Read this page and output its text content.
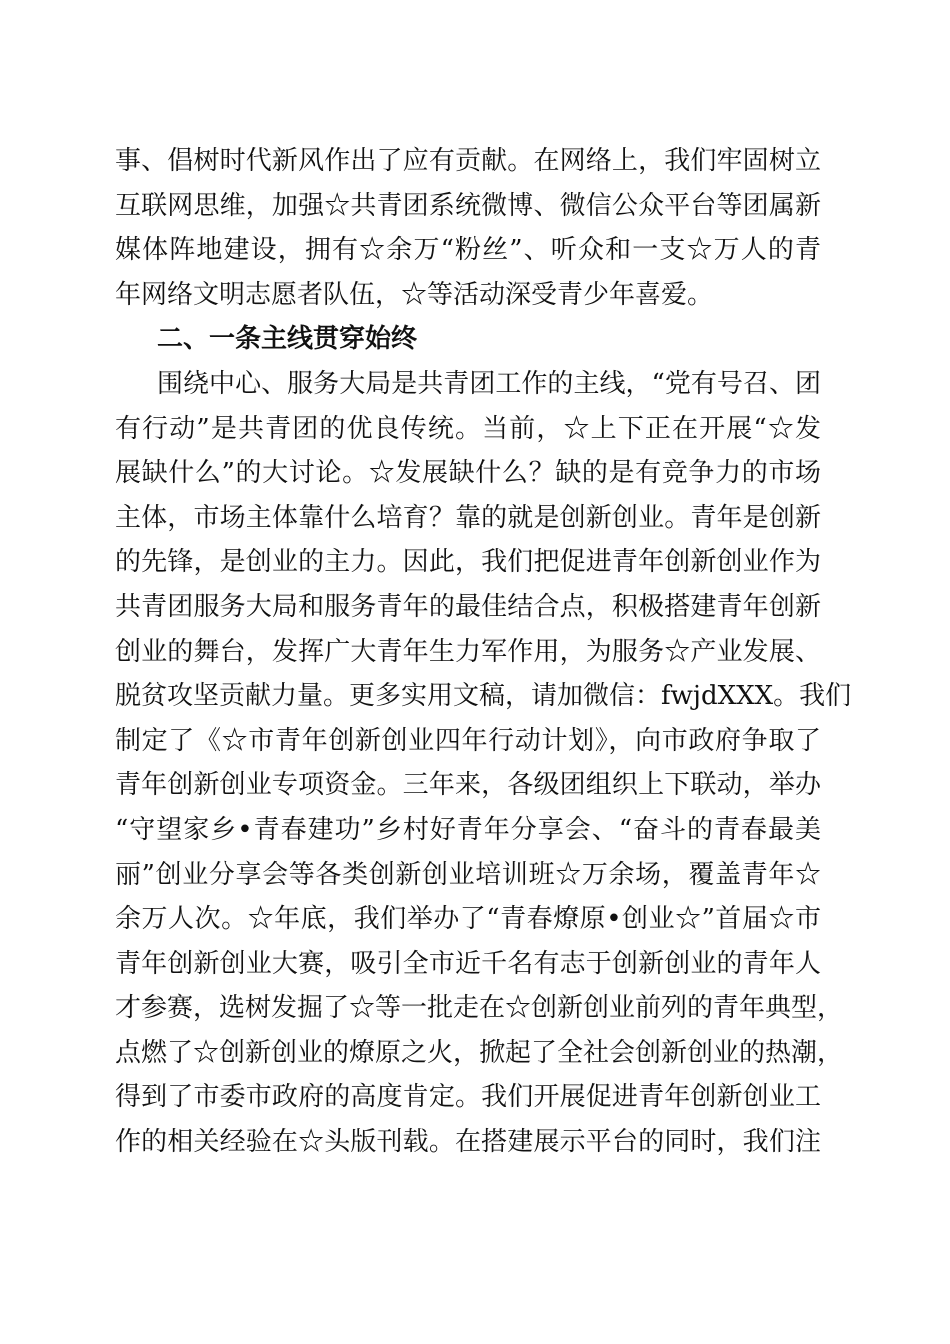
事、倡树时代新风作出了应有贡献。在网络上，我们牢固树立
互联网思维，加强☆共青团系统微博、微信公众平台等团属新
媒体阵地建设，拥有☆余万“粉丝”、听众和一支☆万人的青
年网络文明志愿者队伍，☆等活动深受青少年喜爱。
二、一条主线贯穿始终
围绕中心、服务大局是共青团工作的主线，“党有号召、团
有行动”是共青团的优良传统。当前，☆上下正在开展“☆发
展缺什么”的大讨论。☆发展缺什么？缺的是有竞争力的市场
主体，市场主体靠什么培育？靠的就是创新创业。青年是创新
的先锋，是创业的主力。因此，我们把促进青年创新创业作为
共青团服务大局和服务青年的最佳结合点，积极搭建青年创新
创业的舞台，发挥广大青年生力军作用，为服务☆产业发展、
脱贫攻坚贡献力量。更多实用文稿，请加微信：fwjdXXX。我们
制定了《☆市青年创新创业四年行动计划》，向市政府争取了
青年创新创业专项资金。三年来，各级团组织上下联动，举办
“守望家乡•青春建功”乡村好青年分享会、“奋斗的青春最美
丽”创业分享会等各类创新创业培训班☆万余场，覆盖青年☆
余万人次。☆年底，我们举办了“青春燎原•创业☆”首届☆市
青年创新创业大赛，吸引全市近千名有志于创新创业的青年人
才参赛，选树发掘了☆等一批走在☆创新创业前列的青年典型，
点燃了☆创新创业的燎原之火，掀起了全社会创新创业的热潮，
得到了市委市政府的高度肯定。我们开展促进青年创新创业工
作的相关经验在☆头版刊载。在搭建展示平台的同时，我们注
